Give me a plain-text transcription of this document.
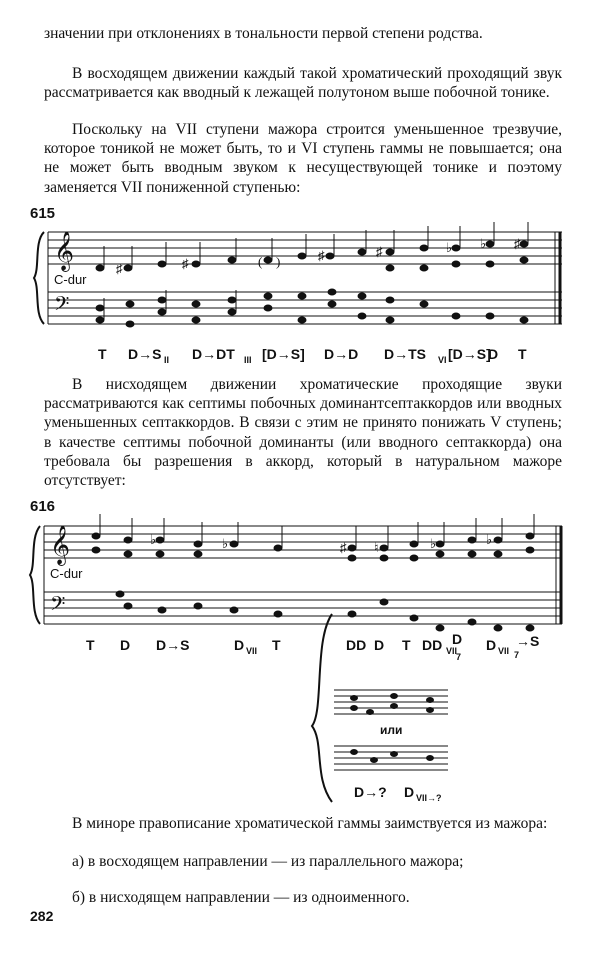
значении при отклонениях в тональности первой степени родства.

В восходящем движении каждый такой хроматический проходящий звук рассматривается как вводный к лежащей полутоном выше побочной тонике.

Поскольку на VII ступени мажора строится уменьшенное трезвучие, которое тоникой не может быть, то и VI ступень гаммы не повышается; она не может быть вводным звуком к несуществующей тонике и поэтому заменяется VII пониженной ступенью:

615
𝄞
𝄢
C-dur
♯	♯	( )	♯	♯	♭ ♭ ♯
T D→S II D→DT III [D→S] D→D D→TS VI [D→S]
D T

В нисходящем движении хроматические проходящие звуки рассматриваются как септимы побочных доминантсептаккордов или вводных уменьшенных септаккордов. В связи с этим не принято понижать V ступень; в качестве септимы побочной доминанты (или вводного септаккорда) она требовала бы разрешения в аккорд, который в натуральном мажоре отсутствует:

616
𝄞
𝄢
C-dur
♭	♭	♯ ♮	♭	♭
или
T D D→S	D VII T	DD D T DD VII
D
7
D VII 7
→S
D→? D VII→?

В миноре правописание хроматической гаммы заимствуется из мажора:

а) в восходящем направлении — из параллельного мажора;

б) в нисходящем направлении — из одноименного.

282
